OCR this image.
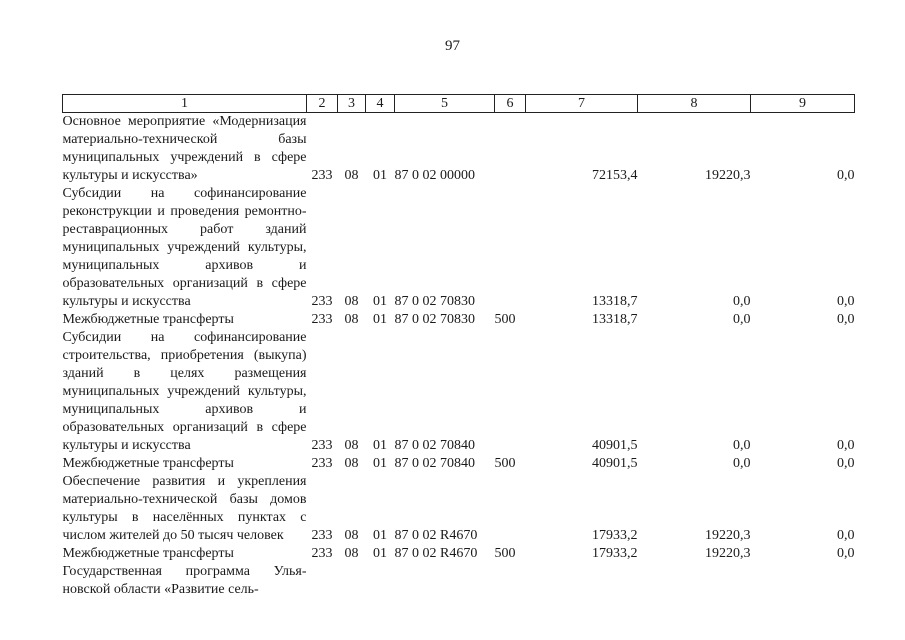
97
1	2	3	4	5	6	7	8	9
Основное мероприятие «Модернизация материально-технической базы муниципальных учреждений в сфере культуры и искусства»	233	08	01	87 0 02 00000		72153,4	19220,3	0,0
Субсидии на софинансирование реконструкции и проведения ремонтно-реставрационных работ зданий муниципальных учреждений культуры, муниципальных архивов и образовательных организаций в сфере культуры и искусства	233	08	01	87 0 02 70830		13318,7	0,0	0,0
Межбюджетные трансферты	233	08	01	87 0 02 70830	500	13318,7	0,0	0,0
Субсидии на софинансирование строительства, приобретения (выкупа) зданий в целях размещения муниципальных учреждений культуры, муниципальных архивов и образовательных организаций в сфере культуры и искусства	233	08	01	87 0 02 70840		40901,5	0,0	0,0
Межбюджетные трансферты	233	08	01	87 0 02 70840	500	40901,5	0,0	0,0
Обеспечение развития и укрепления материально-технической базы домов культуры в населённых пунктах с числом жителей до 50 тысяч человек	233	08	01	87 0 02 R4670		17933,2	19220,3	0,0
Межбюджетные трансферты	233	08	01	87 0 02 R4670	500	17933,2	19220,3	0,0
Государственная программа Ульяновской области «Развитие сель-								
